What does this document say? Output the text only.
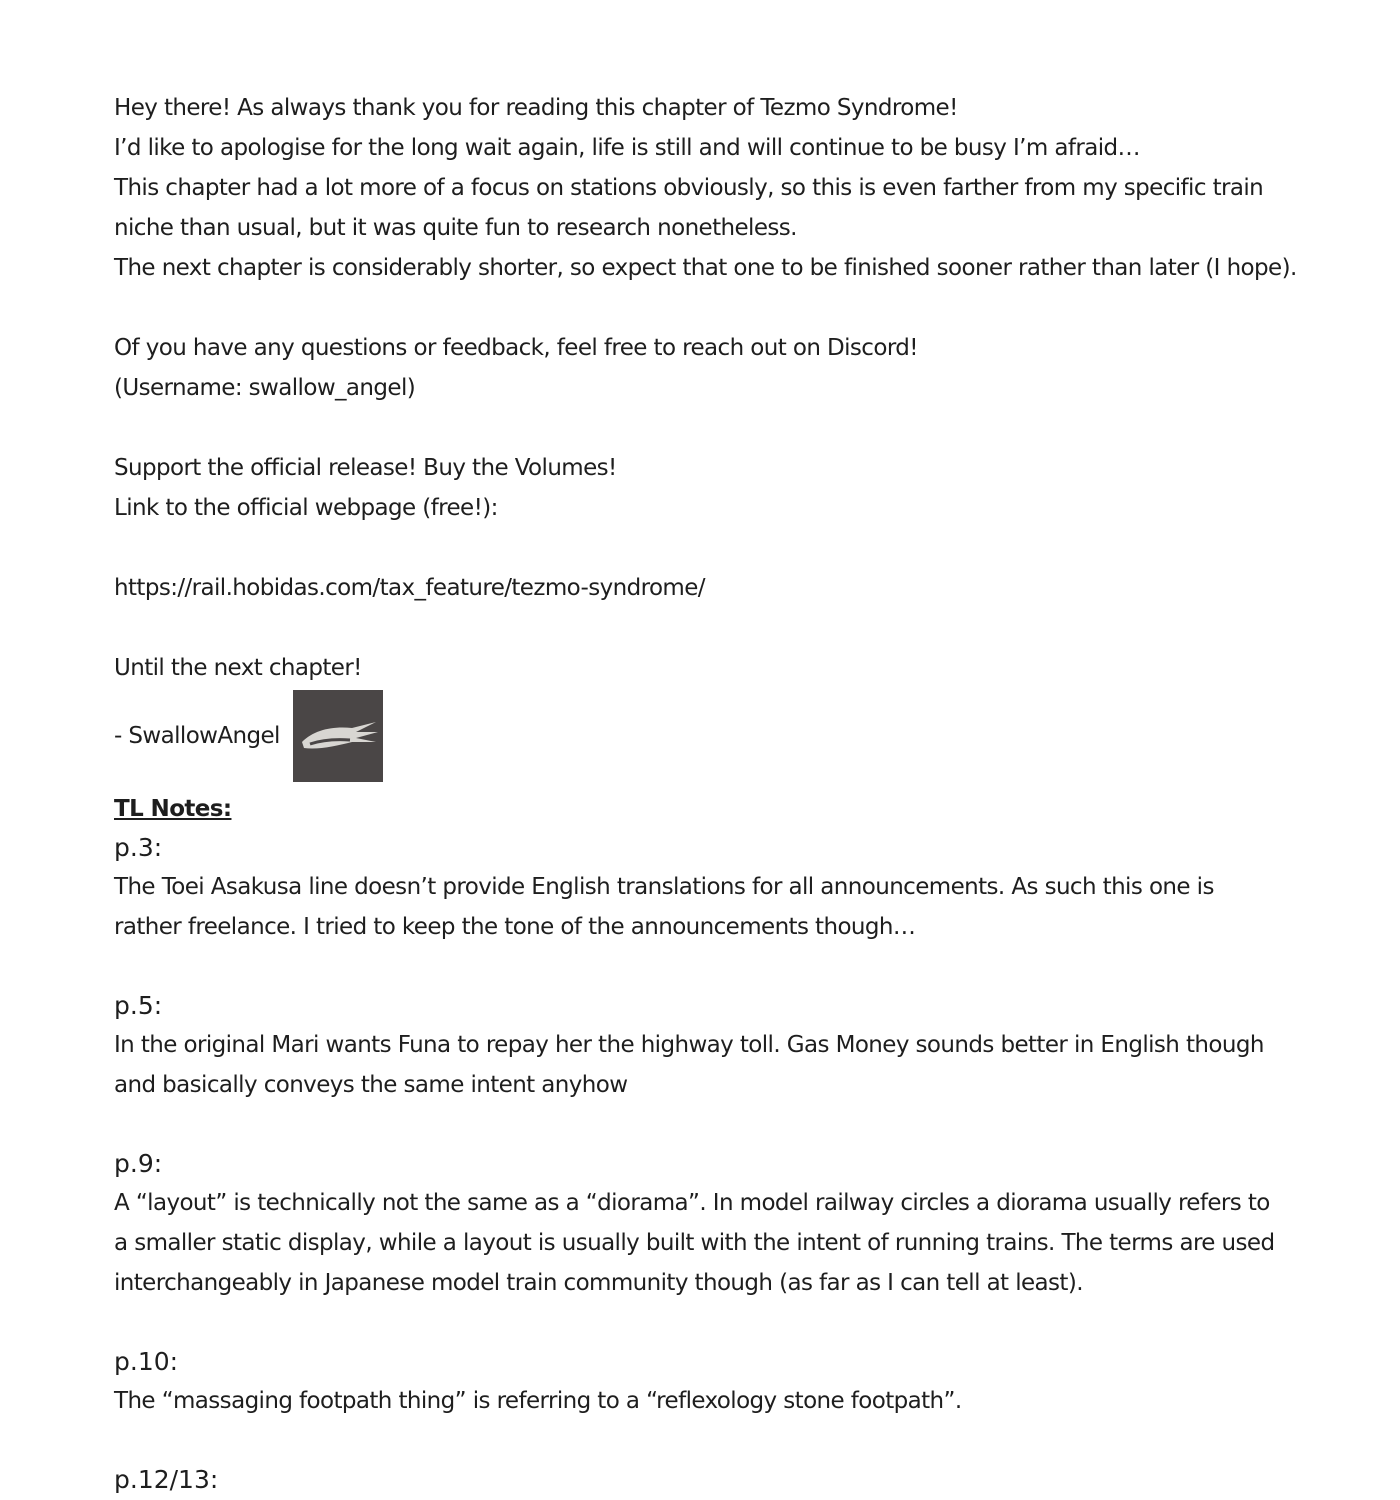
Hey there! As always thank you for reading this chapter of Tezmo Syndrome!
I’d like to apologise for the long wait again, life is still and will continue to be busy I’m afraid…
This chapter had a lot more of a focus on stations obviously, so this is even farther from my specific train niche than usual, but it was quite fun to research nonetheless.
The next chapter is considerably shorter, so expect that one to be finished sooner rather than later (I hope).
Of you have any questions or feedback, feel free to reach out on Discord!
(Username: swallow_angel)
Support the official release! Buy the Volumes!
Link to the official webpage (free!):
https://rail.hobidas.com/tax_feature/tezmo-syndrome/
Until the next chapter!
- SwallowAngel
TL Notes:
p.3:
The Toei Asakusa line doesn’t provide English translations for all announcements. As such this one is rather freelance. I tried to keep the tone of the announcements though…
p.5:
In the original Mari wants Funa to repay her the highway toll. Gas Money sounds better in English though and basically conveys the same intent anyhow
p.9:
A “layout” is technically not the same as a “diorama”. In model railway circles a diorama usually refers to a smaller static display, while a layout is usually built with the intent of running trains. The terms are used interchangeably in Japanese model train community though (as far as I can tell at least).
p.10:
The “massaging footpath thing” is referring to a “reflexology stone footpath”.
p.12/13:
